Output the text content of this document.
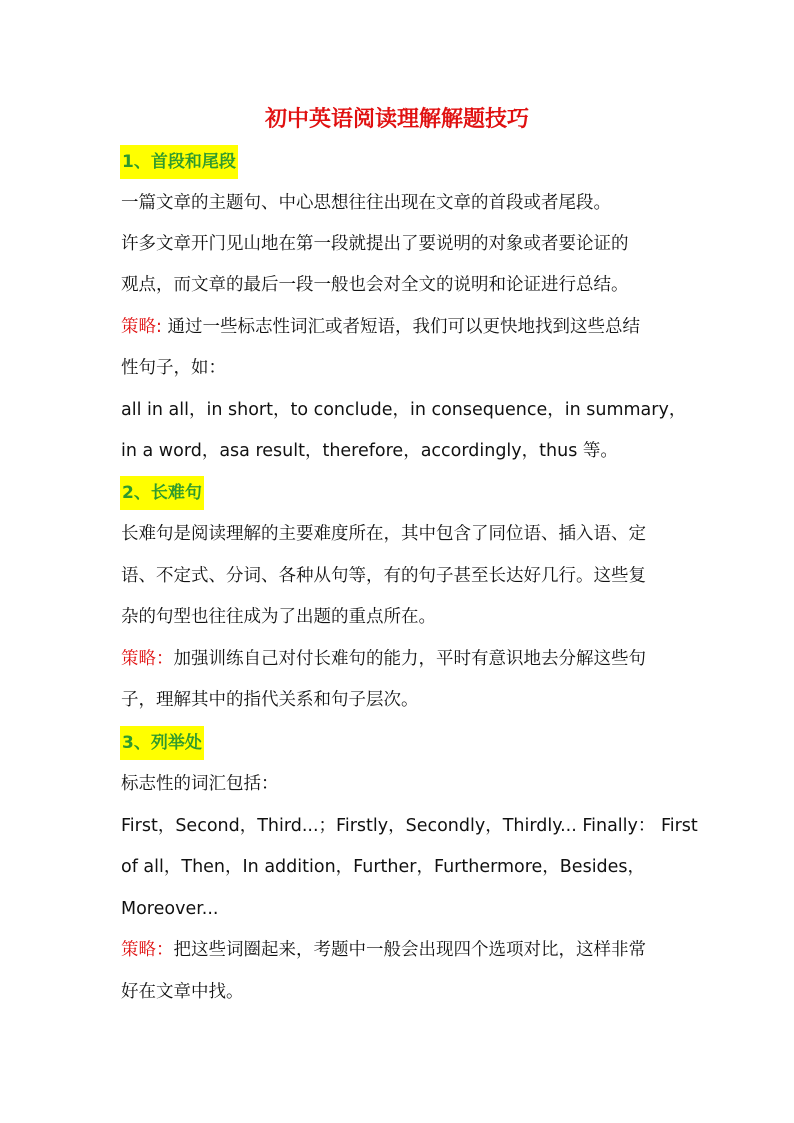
初中英语阅读理解解题技巧
1、首段和尾段
一篇文章的主题句、中心思想往往出现在文章的首段或者尾段。
许多文章开门见山地在第一段就提出了要说明的对象或者要论证的
观点，而文章的最后一段一般也会对全文的说明和论证进行总结。
策略: 通过一些标志性词汇或者短语，我们可以更快地找到这些总结
性句子，如：
all in all，in short，to conclude，in consequence，in summary，
in a word，asa result，therefore，accordingly，thus 等。
2、长难句
长难句是阅读理解的主要难度所在，其中包含了同位语、插入语、定
语、不定式、分词、各种从句等，有的句子甚至长达好几行。这些复
杂的句型也往往成为了出题的重点所在。
策略：加强训练自己对付长难句的能力，平时有意识地去分解这些句
子，理解其中的指代关系和句子层次。
3、列举处
标志性的词汇包括：
First，Second，Third...；Firstly，Secondly，Thirdly... Finally： First
of all，Then，In addition，Further，Furthermore，Besides，
Moreover...
策略：把这些词圈起来，考题中一般会出现四个选项对比，这样非常
好在文章中找。
